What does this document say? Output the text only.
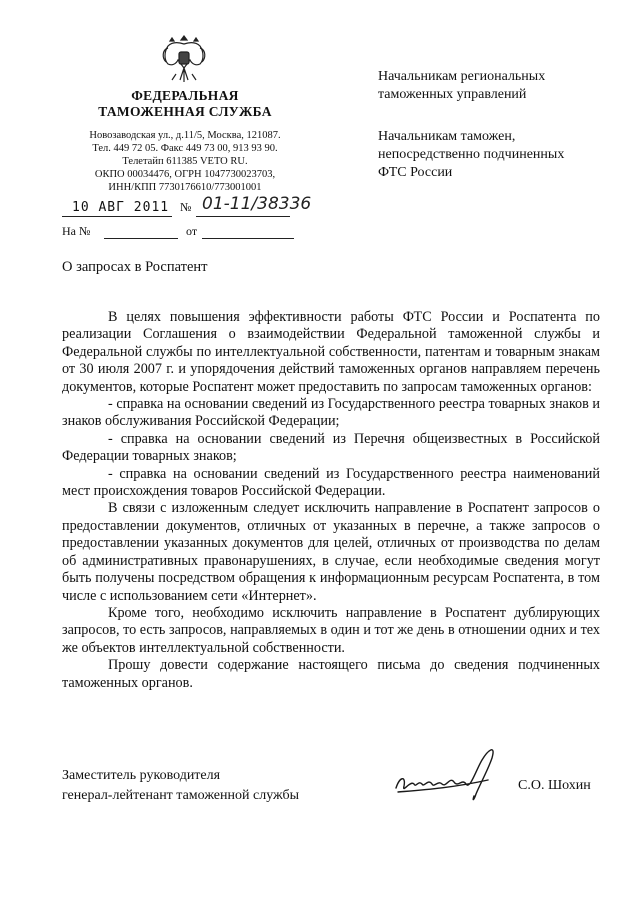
ФЕДЕРАЛЬНАЯ
ТАМОЖЕННАЯ СЛУЖБА
Новозаводская ул., д.11/5, Москва, 121087.
Тел. 449 72 05. Факс 449 73 00, 913 93 90.
Телетайп 611385 VETO RU.
ОКПО 00034476, ОГРН 1047730023703,
ИНН/КПП 7730176610/773001001
10 АВГ 2011 № 01-11/38336
На №	от
Начальникам региональных
таможенных управлений
Начальникам таможен,
непосредственно подчиненных
ФТС России
О запросах в Роспатент

В целях повышения эффективности работы ФТС России и Роспатента по реализации Соглашения о взаимодействии Федеральной таможенной службы и Федеральной службы по интеллектуальной собственности, патентам и товарным знакам от 30 июля 2007 г. и упорядочения действий таможенных органов направляем перечень документов, которые Роспатент может предоставить по запросам таможенных органов:

- справка на основании сведений из Государственного реестра товарных знаков и знаков обслуживания Российской Федерации;

- справка на основании сведений из Перечня общеизвестных в Российской Федерации товарных знаков;

- справка на основании сведений из Государственного реестра наименований мест происхождения товаров Российской Федерации.

В связи с изложенным следует исключить направление в Роспатент запросов о предоставлении документов, отличных от указанных в перечне, а также запросов о предоставлении указанных документов для целей, отличных от производства по делам об административных правонарушениях, в случае, если необходимые сведения могут быть получены посредством обращения к информационным ресурсам Роспатента, в том числе с использованием сети «Интернет».

Кроме того, необходимо исключить направление в Роспатент дублирующих запросов, то есть запросов, направляемых в один и тот же день в отношении одних и тех же объектов интеллектуальной собственности.

Прошу довести содержание настоящего письма до сведения подчиненных таможенных органов.

Заместитель руководителя
генерал-лейтенант таможенной службы
С.О. Шохин
